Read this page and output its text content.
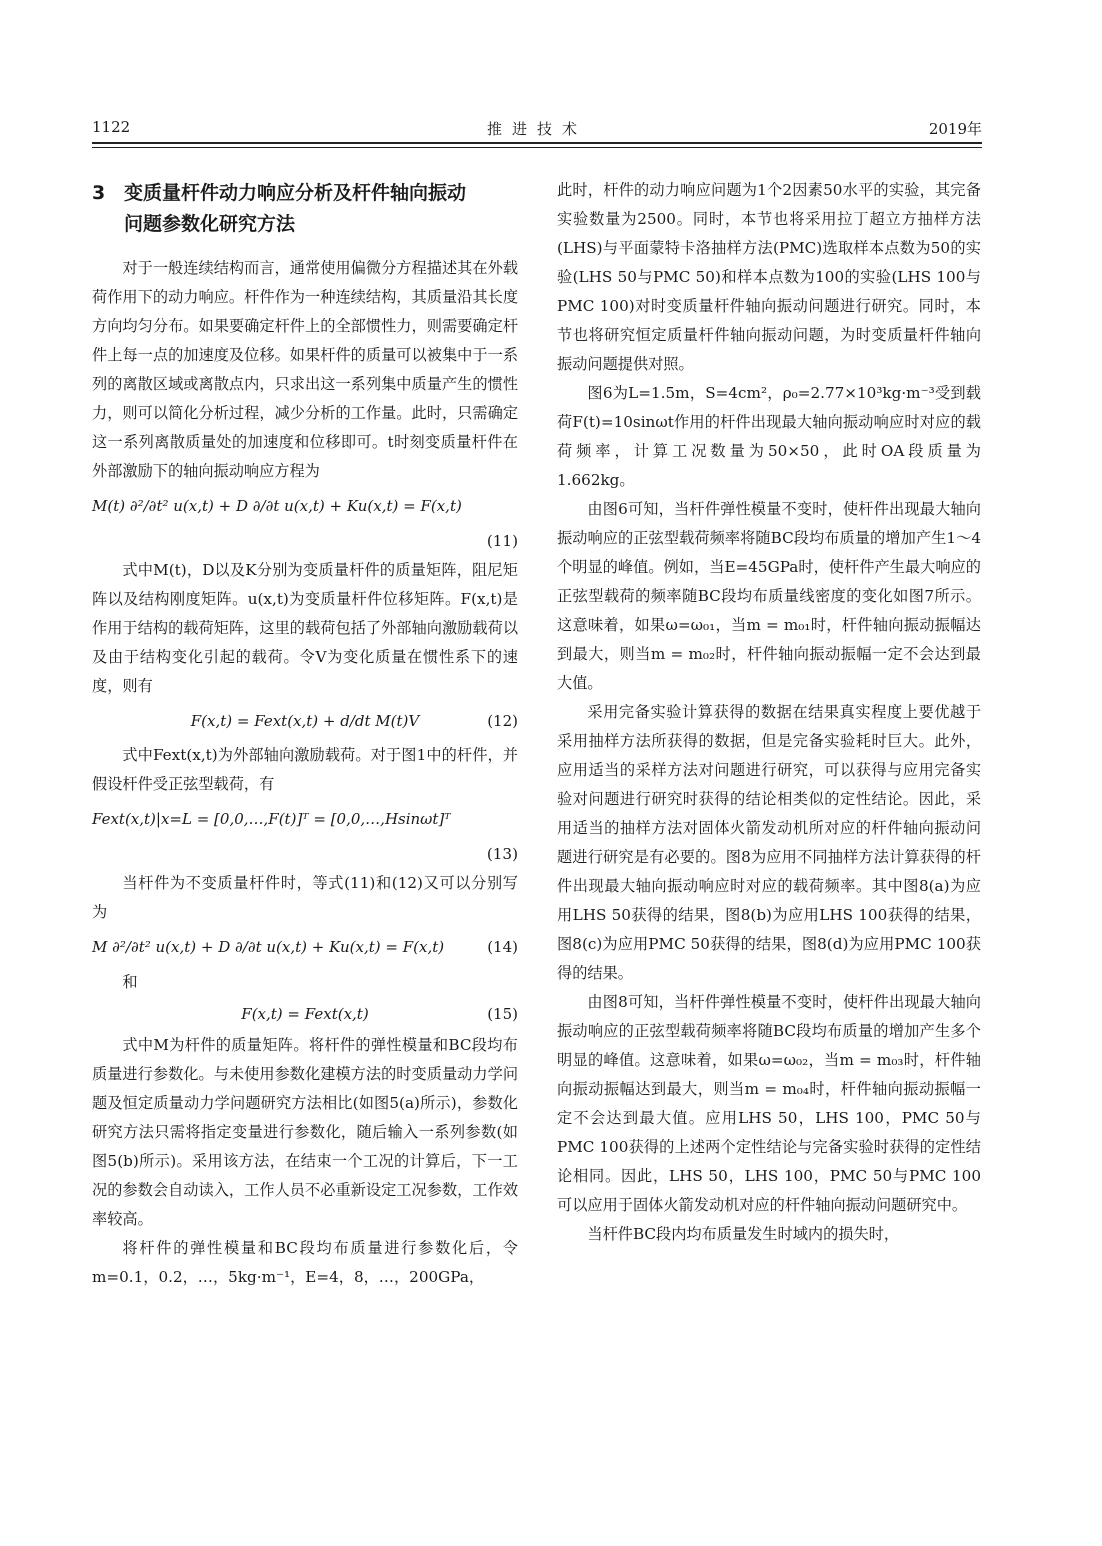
1122	推进技术	2019年
3 变质量杆件动力响应分析及杆件轴向振动
问题参数化研究方法

对于一般连续结构而言，通常使用偏微分方程描述其在外载荷作用下的动力响应。杆件作为一种连续结构，其质量沿其长度方向均匀分布。如果要确定杆件上的全部惯性力，则需要确定杆件上每一点的加速度及位移。如果杆件的质量可以被集中于一系列的离散区域或离散点内，只求出这一系列集中质量产生的惯性力，则可以简化分析过程，减少分析的工作量。此时，只需确定这一系列离散质量处的加速度和位移即可。t时刻变质量杆件在外部激励下的轴向振动响应方程为

M(t) ∂²/∂t² u(x,t) + D ∂/∂t u(x,t) + Ku(x,t) = F(x,t)
(11)

式中M(t)，D以及K分别为变质量杆件的质量矩阵，阻尼矩阵以及结构刚度矩阵。u(x,t)为变质量杆件位移矩阵。F(x,t)是作用于结构的载荷矩阵，这里的载荷包括了外部轴向激励载荷以及由于结构变化引起的载荷。令V为变化质量在惯性系下的速度，则有

F(x,t) = Fext(x,t) + d/dt M(t)V	(12)

式中Fext(x,t)为外部轴向激励载荷。对于图1中的杆件，并假设杆件受正弦型载荷，有

Fext(x,t)|x=L = [0,0,…,F(t)]ᵀ = [0,0,…,Hsinωt]ᵀ
(13)

当杆件为不变质量杆件时，等式(11)和(12)又可以分别写为

M ∂²/∂t² u(x,t) + D ∂/∂t u(x,t) + Ku(x,t) = F(x,t)	(14)
和
F(x,t) = Fext(x,t)	(15)

式中M为杆件的质量矩阵。将杆件的弹性模量和BC段均布质量进行参数化。与未使用参数化建模方法的时变质量动力学问题及恒定质量动力学问题研究方法相比(如图5(a)所示)，参数化研究方法只需将指定变量进行参数化，随后输入一系列参数(如图5(b)所示)。采用该方法，在结束一个工况的计算后，下一工况的参数会自动读入，工作人员不必重新设定工况参数，工作效率较高。

将杆件的弹性模量和BC段均布质量进行参数化后，令m=0.1，0.2，…，5kg·m⁻¹，E=4，8，…，200GPa，

此时，杆件的动力响应问题为1个2因素50水平的实验，其完备实验数量为2500。同时，本节也将采用拉丁超立方抽样方法(LHS)与平面蒙特卡洛抽样方法(PMC)选取样本点数为50的实验(LHS 50与PMC 50)和样本点数为100的实验(LHS 100与PMC 100)对时变质量杆件轴向振动问题进行研究。同时，本节也将研究恒定质量杆件轴向振动问题，为时变质量杆件轴向振动问题提供对照。

图6为L=1.5m，S=4cm²，ρ₀=2.77×10³kg·m⁻³受到载荷F(t)=10sinωt作用的杆件出现最大轴向振动响应时对应的载荷频率，计算工况数量为50×50，此时OA段质量为1.662kg。

由图6可知，当杆件弹性模量不变时，使杆件出现最大轴向振动响应的正弦型载荷频率将随BC段均布质量的增加产生1～4个明显的峰值。例如，当E=45GPa时，使杆件产生最大响应的正弦型载荷的频率随BC段均布质量线密度的变化如图7所示。这意味着，如果ω=ω₀₁，当m = m₀₁时，杆件轴向振动振幅达到最大，则当m = m₀₂时，杆件轴向振动振幅一定不会达到最大值。

采用完备实验计算获得的数据在结果真实程度上要优越于采用抽样方法所获得的数据，但是完备实验耗时巨大。此外，应用适当的采样方法对问题进行研究，可以获得与应用完备实验对问题进行研究时获得的结论相类似的定性结论。因此，采用适当的抽样方法对固体火箭发动机所对应的杆件轴向振动问题进行研究是有必要的。图8为应用不同抽样方法计算获得的杆件出现最大轴向振动响应时对应的载荷频率。其中图8(a)为应用LHS 50获得的结果，图8(b)为应用LHS 100获得的结果，图8(c)为应用PMC 50获得的结果，图8(d)为应用PMC 100获得的结果。

由图8可知，当杆件弹性模量不变时，使杆件出现最大轴向振动响应的正弦型载荷频率将随BC段均布质量的增加产生多个明显的峰值。这意味着，如果ω=ω₀₂，当m = m₀₃时，杆件轴向振动振幅达到最大，则当m = m₀₄时，杆件轴向振动振幅一定不会达到最大值。应用LHS 50，LHS 100，PMC 50与PMC 100获得的上述两个定性结论与完备实验时获得的定性结论相同。因此，LHS 50，LHS 100，PMC 50与PMC 100可以应用于固体火箭发动机对应的杆件轴向振动问题研究中。

当杆件BC段内均布质量发生时域内的损失时，
